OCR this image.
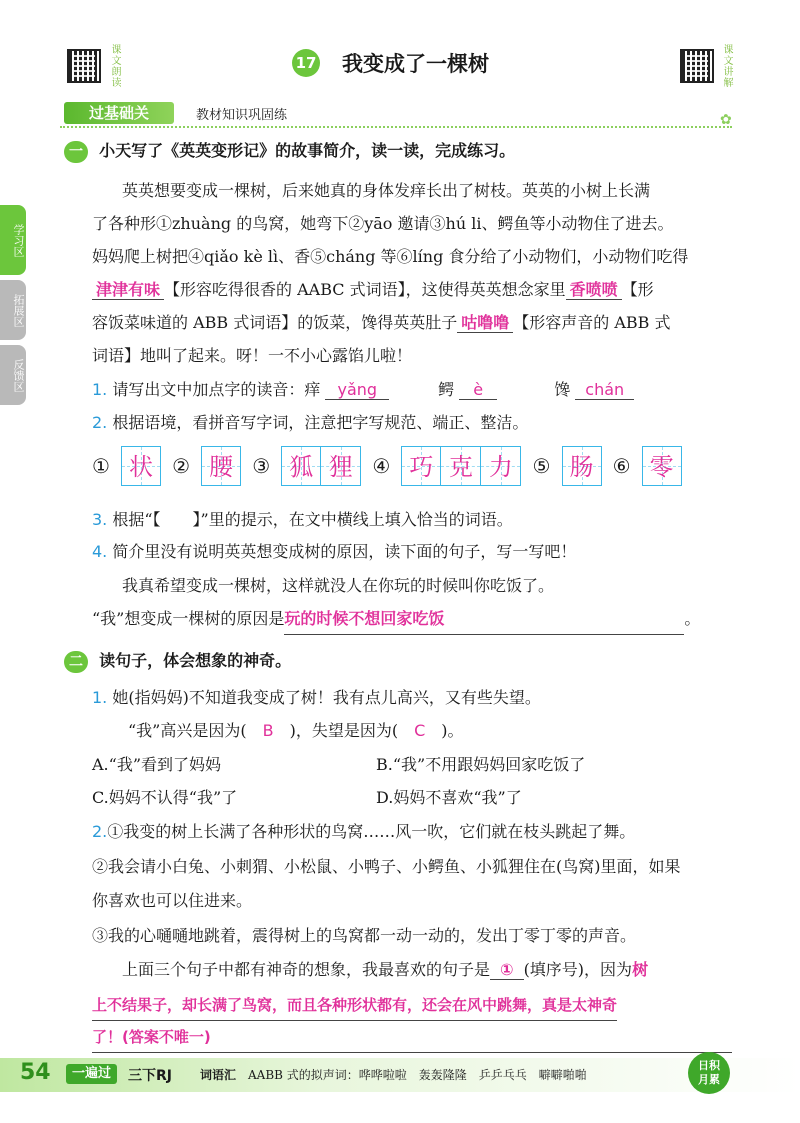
课文朗读	17 我变成了一棵树	课文讲解
过基础关	教材知识巩固练	✿
学习区
拓展区
反馈区
一 小天写了《英英变形记》的故事简介，读一读，完成练习。
英英想要变成一棵树，后来她真的身体发痒长出了树枝。英英的小树上长满
了各种形①zhuàng 的鸟窝，她弯下②yāo 邀请③hú li、鳄鱼等小动物住了进去。
妈妈爬上树把④qiǎo kè lì、香⑤cháng 等⑥líng 食分给了小动物们，小动物们吃得
津津有味 【形容吃得很香的 AABC 式词语】，这使得英英想念家里 香喷喷 【形
容饭菜味道的 ABB 式词语】的饭菜，馋得英英肚子 咕噜噜 【形容声音的 ABB 式
词语】地叫了起来。呀！一不小心露馅儿啦！
1. 请写出文中加点字的读音：痒 yǎng	鳄 è	馋 chán
2. 根据语境，看拼音写字词，注意把字写规范、端正、整洁。
① 状 ② 腰 ③ 狐 狸 ④ 巧 克 力 ⑤ 肠 ⑥ 零
3. 根据“【　　】”里的提示，在文中横线上填入恰当的词语。
4. 简介里没有说明英英想变成树的原因，读下面的句子，写一写吧！
我真希望变成一棵树，这样就没人在你玩的时候叫你吃饭了。
“我”想变成一棵树的原因是玩的时候不想回家吃饭	。
二 读句子，体会想象的神奇。
1. 她(指妈妈)不知道我变成了树！我有点儿高兴，又有些失望。
“我”高兴是因为( B )，失望是因为( C )。
A.“我”看到了妈妈	B.“我”不用跟妈妈回家吃饭了
C.妈妈不认得“我”了	D.妈妈不喜欢“我”了
2.①我变的树上长满了各种形状的鸟窝……风一吹，它们就在枝头跳起了舞。
②我会请小白兔、小刺猬、小松鼠、小鸭子、小鳄鱼、小狐狸住在(鸟窝)里面，如果
你喜欢也可以住进来。
③我的心嗵嗵地跳着，震得树上的鸟窝都一动一动的，发出丁零丁零的声音。
上面三个句子中都有神奇的想象，我最喜欢的句子是 ① (填序号)，因为树
上不结果子，却长满了鸟窝，而且各种形状都有，还会在风中跳舞，真是太神奇
了！(答案不唯一)
54	一遍过	三下RJ 词语汇 AABB 式的拟声词：哗哗啦啦　轰轰隆隆　乒乒乓乓　噼噼啪啪
日积月累
